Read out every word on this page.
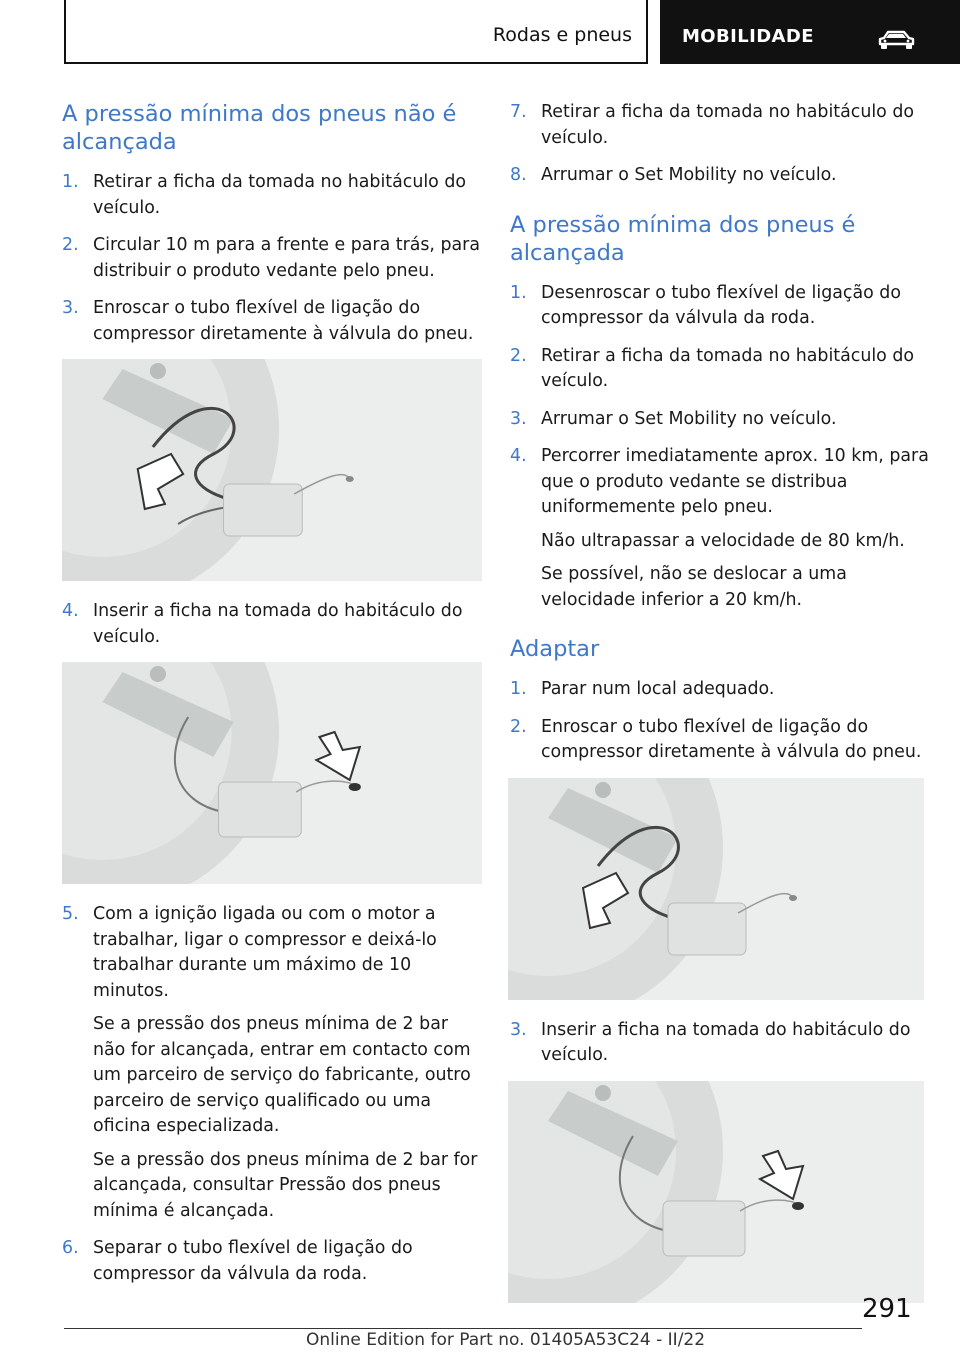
Rodas e pneus	MOBILIDADE
A pressão mínima dos pneus não é alcançada
1. Retirar a ficha da tomada no habitáculo do veículo.
2. Circular 10 m para a frente e para trás, para distribuir o produto vedante pelo pneu.
3. Enroscar o tubo flexível de ligação do compressor diretamente à válvula do pneu.
4. Inserir a ficha na tomada do habitáculo do veículo.
5. Com a ignição ligada ou com o motor a trabalhar, ligar o compressor e deixá-lo trabalhar durante um máximo de 10 minutos.
Se a pressão dos pneus mínima de 2 bar não for alcançada, entrar em contacto com um parceiro de serviço do fabricante, outro parceiro de serviço qualificado ou uma oficina especializada.
Se a pressão dos pneus mínima de 2 bar for alcançada, consultar Pressão dos pneus mínima é alcançada.
6. Separar o tubo flexível de ligação do compressor da válvula da roda.
7. Retirar a ficha da tomada no habitáculo do veículo.
8. Arrumar o Set Mobility no veículo.
A pressão mínima dos pneus é alcançada
1. Desenroscar o tubo flexível de ligação do compressor da válvula da roda.
2. Retirar a ficha da tomada no habitáculo do veículo.
3. Arrumar o Set Mobility no veículo.
4. Percorrer imediatamente aprox. 10 km, para que o produto vedante se distribua uniformemente pelo pneu.
Não ultrapassar a velocidade de 80 km/h.
Se possível, não se deslocar a uma velocidade inferior a 20 km/h.
Adaptar
1. Parar num local adequado.
2. Enroscar o tubo flexível de ligação do compressor diretamente à válvula do pneu.
3. Inserir a ficha na tomada do habitáculo do veículo.
291
Online Edition for Part no. 01405A53C24 - II/22
